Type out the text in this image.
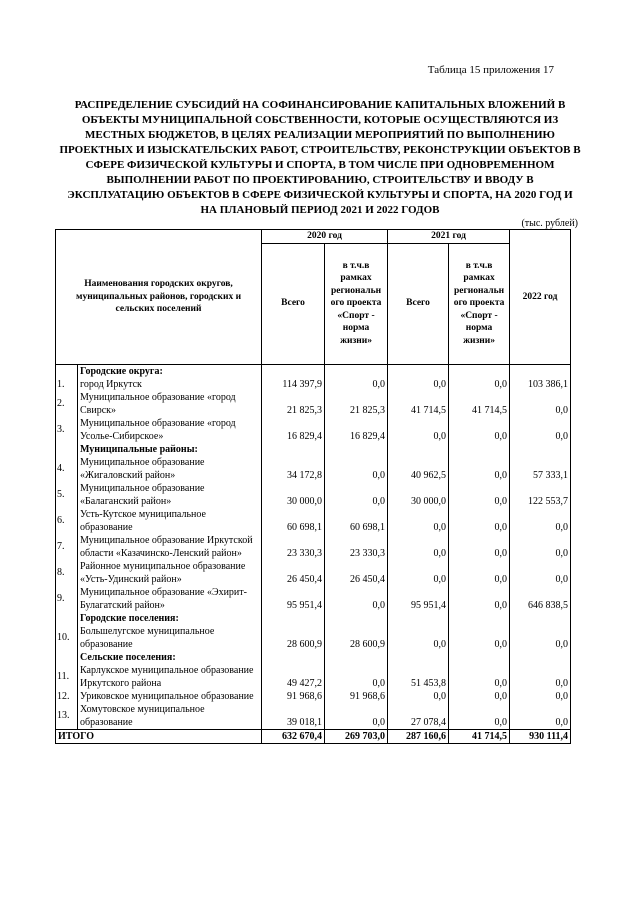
Таблица 15 приложения 17
РАСПРЕДЕЛЕНИЕ СУБСИДИЙ НА СОФИНАНСИРОВАНИЕ КАПИТАЛЬНЫХ ВЛОЖЕНИЙ В ОБЪЕКТЫ МУНИЦИПАЛЬНОЙ СОБСТВЕННОСТИ, КОТОРЫЕ ОСУЩЕСТВЛЯЮТСЯ ИЗ МЕСТНЫХ БЮДЖЕТОВ, В ЦЕЛЯХ РЕАЛИЗАЦИИ МЕРОПРИЯТИЙ ПО ВЫПОЛНЕНИЮ ПРОЕКТНЫХ И ИЗЫСКАТЕЛЬСКИХ РАБОТ, СТРОИТЕЛЬСТВУ, РЕКОНСТРУКЦИИ ОБЪЕКТОВ В СФЕРЕ ФИЗИЧЕСКОЙ КУЛЬТУРЫ И СПОРТА, В ТОМ ЧИСЛЕ ПРИ ОДНОВРЕМЕННОМ ВЫПОЛНЕНИИ РАБОТ ПО ПРОЕКТИРОВАНИЮ, СТРОИТЕЛЬСТВУ И ВВОДУ В ЭКСПЛУАТАЦИЮ ОБЪЕКТОВ В СФЕРЕ ФИЗИЧЕСКОЙ КУЛЬТУРЫ И СПОРТА, НА 2020 ГОД И НА ПЛАНОВЫЙ ПЕРИОД 2021 И 2022 ГОДОВ
(тыс. рублей)
Наименования городских округов, муниципальных районов, городских и сельских поселений		2020 год		2021 год		2022 год
		Всего	в т.ч.в рамках региональн ого проекта «Спорт - норма жизни»	Всего	в т.ч.в рамках региональн ого проекта «Спорт - норма жизни»	
	Городские округа:					
1.	город Иркутск	114 397,9	0,0	0,0	0,0	103 386,1
2.	Муниципальное образование «город Свирск»	21 825,3	21 825,3	41 714,5	41 714,5	0,0
3.	Муниципальное образование «город Усолье-Сибирское»	16 829,4	16 829,4	0,0	0,0	0,0
	Муниципальные районы:					
4.	Муниципальное образование «Жигаловский район»	34 172,8	0,0	40 962,5	0,0	57 333,1
5.	Муниципальное образование «Балаганский район»	30 000,0	0,0	30 000,0	0,0	122 553,7
6.	Усть-Кутское муниципальное образование	60 698,1	60 698,1	0,0	0,0	0,0
7.	Муниципальное образование Иркутской области «Казачинско-Ленский район»	23 330,3	23 330,3	0,0	0,0	0,0
8.	Районное муниципальное образование «Усть-Удинский район»	26 450,4	26 450,4	0,0	0,0	0,0
9.	Муниципальное образование «Эхирит-Булагатский район»	95 951,4	0,0	95 951,4	0,0	646 838,5
	Городские поселения:					
10.	Большелугское муниципальное образование	28 600,9	28 600,9	0,0	0,0	0,0
	Сельские поселения:					
11.	Карлукское муниципальное образование Иркутского района	49 427,2	0,0	51 453,8	0,0	0,0
12.	Уриковское муниципальное образование	91 968,6	91 968,6	0,0	0,0	0,0
13.	Хомутовское муниципальное образование	39 018,1	0,0	27 078,4	0,0	0,0
ИТОГО		632 670,4	269 703,0	287 160,6	41 714,5	930 111,4
